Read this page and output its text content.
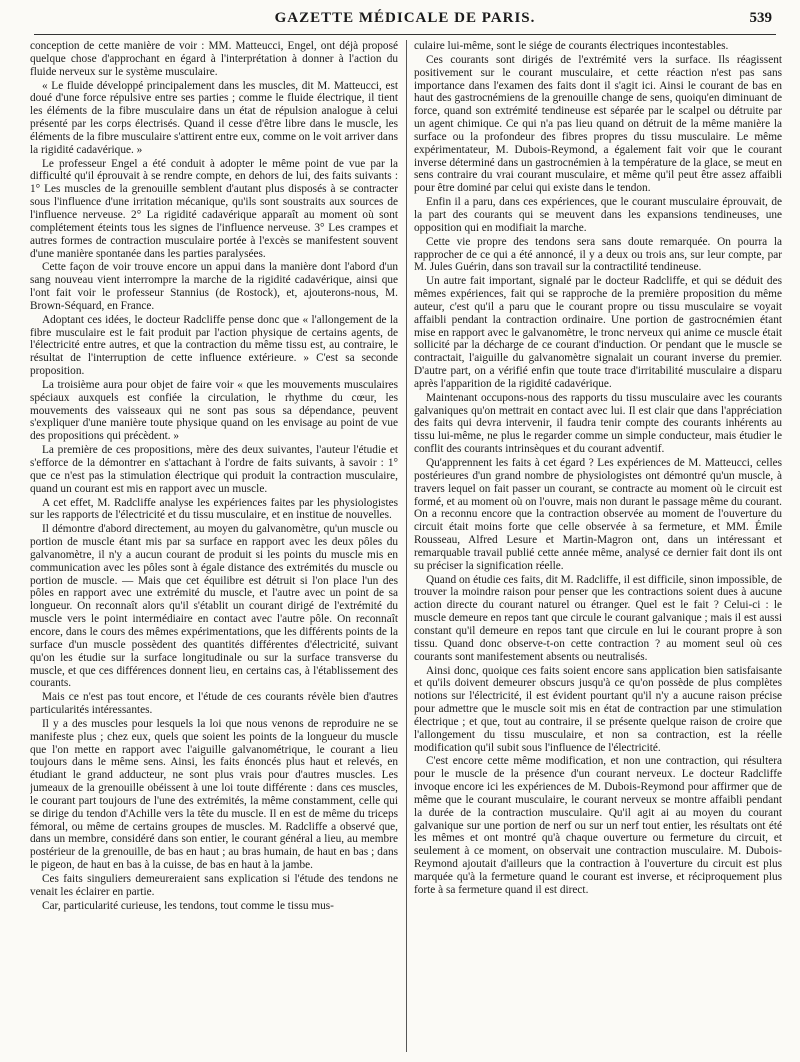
GAZETTE MÉDICALE DE PARIS.	539

conception de cette manière de voir : MM. Matteucci, Engel, ont déjà proposé quelque chose d'approchant en égard à l'interprétation à donner à l'action du fluide nerveux sur le système musculaire.

« Le fluide développé principalement dans les muscles, dit M. Matteucci, est doué d'une force répulsive entre ses parties ; comme le fluide électrique, il tient les éléments de la fibre musculaire dans un état de répulsion analogue à celui présenté par les corps électrisés. Quand il cesse d'être libre dans le muscle, les éléments de la fibre musculaire s'attirent entre eux, comme on le voit arriver dans la rigidité cadavérique. »

Le professeur Engel a été conduit à adopter le même point de vue par la difficulté qu'il éprouvait à se rendre compte, en dehors de lui, des faits suivants : 1° Les muscles de la grenouille semblent d'autant plus disposés à se contracter sous l'influence d'une irritation mécanique, qu'ils sont soustraits aux sources de l'influence nerveuse. 2° La rigidité cadavérique apparaît au moment où sont complétement éteints tous les signes de l'influence nerveuse. 3° Les crampes et autres formes de contraction musculaire portée à l'excès se manifestent souvent d'une manière spontanée dans les parties paralysées.

Cette façon de voir trouve encore un appui dans la manière dont l'abord d'un sang nouveau vient interrompre la marche de la rigidité cadavérique, ainsi que l'ont fait voir le professeur Stannius (de Rostock), et, ajouterons-nous, M. Brown-Séquard, en France.

Adoptant ces idées, le docteur Radcliffe pense donc que « l'allongement de la fibre musculaire est le fait produit par l'action physique de certains agents, de l'électricité entre autres, et que la contraction du même tissu est, au contraire, le résultat de l'interruption de cette influence extérieure. » C'est sa seconde proposition.

La troisième aura pour objet de faire voir « que les mouvements musculaires spéciaux auxquels est confiée la circulation, le rhythme du cœur, les mouvements des vaisseaux qui ne sont pas sous sa dépendance, peuvent s'expliquer d'une manière toute physique quand on les envisage au point de vue des propositions qui précèdent. »

La première de ces propositions, mère des deux suivantes, l'auteur l'étudie et s'efforce de la démontrer en s'attachant à l'ordre de faits suivants, à savoir : 1° que ce n'est pas la stimulation électrique qui produit la contraction musculaire, quand un courant est mis en rapport avec un muscle.

A cet effet, M. Radcliffe analyse les expériences faites par les physiologistes sur les rapports de l'électricité et du tissu musculaire, et en institue de nouvelles.

Il démontre d'abord directement, au moyen du galvanomètre, qu'un muscle ou portion de muscle étant mis par sa surface en rapport avec les deux pôles du galvanomètre, il n'y a aucun courant de produit si les points du muscle mis en communication avec les pôles sont à égale distance des extrémités du muscle ou portion de muscle. — Mais que cet équilibre est détruit si l'on place l'un des pôles en rapport avec une extrémité du muscle, et l'autre avec un point de sa longueur. On reconnaît alors qu'il s'établit un courant dirigé de l'extrémité du muscle vers le point intermédiaire en contact avec l'autre pôle. On reconnaît encore, dans le cours des mêmes expérimentations, que les différents points de la surface d'un muscle possèdent des quantités différentes d'électricité, suivant qu'on les étudie sur la surface longitudinale ou sur la surface transverse du muscle, et que ces différences donnent lieu, en certains cas, à l'établissement des courants.

Mais ce n'est pas tout encore, et l'étude de ces courants révèle bien d'autres particularités intéressantes.

Il y a des muscles pour lesquels la loi que nous venons de reproduire ne se manifeste plus ; chez eux, quels que soient les points de la longueur du muscle que l'on mette en rapport avec l'aiguille galvanométrique, le courant a lieu toujours dans le même sens. Ainsi, les faits énoncés plus haut et relevés, en étudiant le grand adducteur, ne sont plus vrais pour d'autres muscles. Les jumeaux de la grenouille obéissent à une loi toute différente : dans ces muscles, le courant part toujours de l'une des extrémités, la même constamment, celle qui se dirige du tendon d'Achille vers la tête du muscle. Il en est de même du triceps fémoral, ou même de certains groupes de muscles. M. Radcliffe a observé que, dans un membre, considéré dans son entier, le courant général a lieu, au membre postérieur de la grenouille, de bas en haut ; au bras humain, de haut en bas ; dans le pigeon, de haut en bas à la cuisse, de bas en haut à la jambe.

Ces faits singuliers demeureraient sans explication si l'étude des tendons ne venait les éclairer en partie.

Car, particularité curieuse, les tendons, tout comme le tissu mus-

culaire lui-même, sont le siége de courants électriques incontestables.

Ces courants sont dirigés de l'extrémité vers la surface. Ils réagissent positivement sur le courant musculaire, et cette réaction n'est pas sans importance dans l'examen des faits dont il s'agit ici. Ainsi le courant de bas en haut des gastrocnémiens de la grenouille change de sens, quoiqu'en diminuant de force, quand son extrémité tendineuse est séparée par le scalpel ou détruite par un agent chimique. Ce qui n'a pas lieu quand on détruit de la même manière la surface ou la profondeur des fibres propres du tissu musculaire. Le même expérimentateur, M. Dubois-Reymond, a également fait voir que le courant inverse déterminé dans un gastrocnémien à la température de la glace, se meut en sens contraire du vrai courant musculaire, et même qu'il peut être assez affaibli pour être dominé par celui qui existe dans le tendon.

Enfin il a paru, dans ces expériences, que le courant musculaire éprouvait, de la part des courants qui se meuvent dans les expansions tendineuses, une opposition qui en modifiait la marche.

Cette vie propre des tendons sera sans doute remarquée. On pourra la rapprocher de ce qui a été annoncé, il y a deux ou trois ans, sur leur compte, par M. Jules Guérin, dans son travail sur la contractilité tendineuse.

Un autre fait important, signalé par le docteur Radcliffe, et qui se déduit des mêmes expériences, fait qui se rapproche de la première proposition du même auteur, c'est qu'il a paru que le courant propre ou tissu musculaire se voyait affaibli pendant la contraction ordinaire. Une portion de gastrocnémien étant mise en rapport avec le galvanomètre, le tronc nerveux qui anime ce muscle était sollicité par la décharge de ce courant d'induction. Or pendant que le muscle se contractait, l'aiguille du galvanomètre signalait un courant inverse du premier. D'autre part, on a vérifié enfin que toute trace d'irritabilité musculaire a disparu après l'apparition de la rigidité cadavérique.

Maintenant occupons-nous des rapports du tissu musculaire avec les courants galvaniques qu'on mettrait en contact avec lui. Il est clair que dans l'appréciation des faits qui devra intervenir, il faudra tenir compte des courants inhérents au tissu lui-même, ne plus le regarder comme un simple conducteur, mais étudier le conflit des courants intrinsèques et du courant adventif.

Qu'apprennent les faits à cet égard ? Les expériences de M. Matteucci, celles postérieures d'un grand nombre de physiologistes ont démontré qu'un muscle, à travers lequel on fait passer un courant, se contracte au moment où le circuit est formé, et au moment où on l'ouvre, mais non durant le passage même du courant. On a reconnu encore que la contraction observée au moment de l'ouverture du circuit était moins forte que celle observée à sa fermeture, et MM. Émile Rousseau, Alfred Lesure et Martin-Magron ont, dans un intéressant et remarquable travail publié cette année même, analysé ce dernier fait dont ils ont su préciser la signification réelle.

Quand on étudie ces faits, dit M. Radcliffe, il est difficile, sinon impossible, de trouver la moindre raison pour penser que les contractions soient dues à aucune action directe du courant naturel ou étranger. Quel est le fait ? Celui-ci : le muscle demeure en repos tant que circule le courant galvanique ; mais il est aussi constant qu'il demeure en repos tant que circule en lui le courant propre à son tissu. Quand donc observe-t-on cette contraction ? au moment seul où ces courants sont manifestement absents ou neutralisés.

Ainsi donc, quoique ces faits soient encore sans application bien satisfaisante et qu'ils doivent demeurer obscurs jusqu'à ce qu'on possède de plus complètes notions sur l'électricité, il est évident pourtant qu'il n'y a aucune raison précise pour admettre que le muscle soit mis en état de contraction par une stimulation électrique ; et que, tout au contraire, il se présente quelque raison de croire que l'allongement du tissu musculaire, et non sa contraction, est la réelle modification qu'il subit sous l'influence de l'électricité.

C'est encore cette même modification, et non une contraction, qui résultera pour le muscle de la présence d'un courant nerveux. Le docteur Radcliffe invoque encore ici les expériences de M. Dubois-Reymond pour affirmer que de même que le courant musculaire, le courant nerveux se montre affaibli pendant la durée de la contraction musculaire. Qu'il agit ai au moyen du courant galvanique sur une portion de nerf ou sur un nerf tout entier, les résultats ont été les mêmes et ont montré qu'à chaque ouverture ou fermeture du circuit, et seulement à ce moment, on observait une contraction musculaire. M. Dubois-Reymond ajoutait d'ailleurs que la contraction à l'ouverture du circuit est plus marquée qu'à la fermeture quand le courant est inverse, et réciproquement plus forte à sa fermeture quand il est direct.
